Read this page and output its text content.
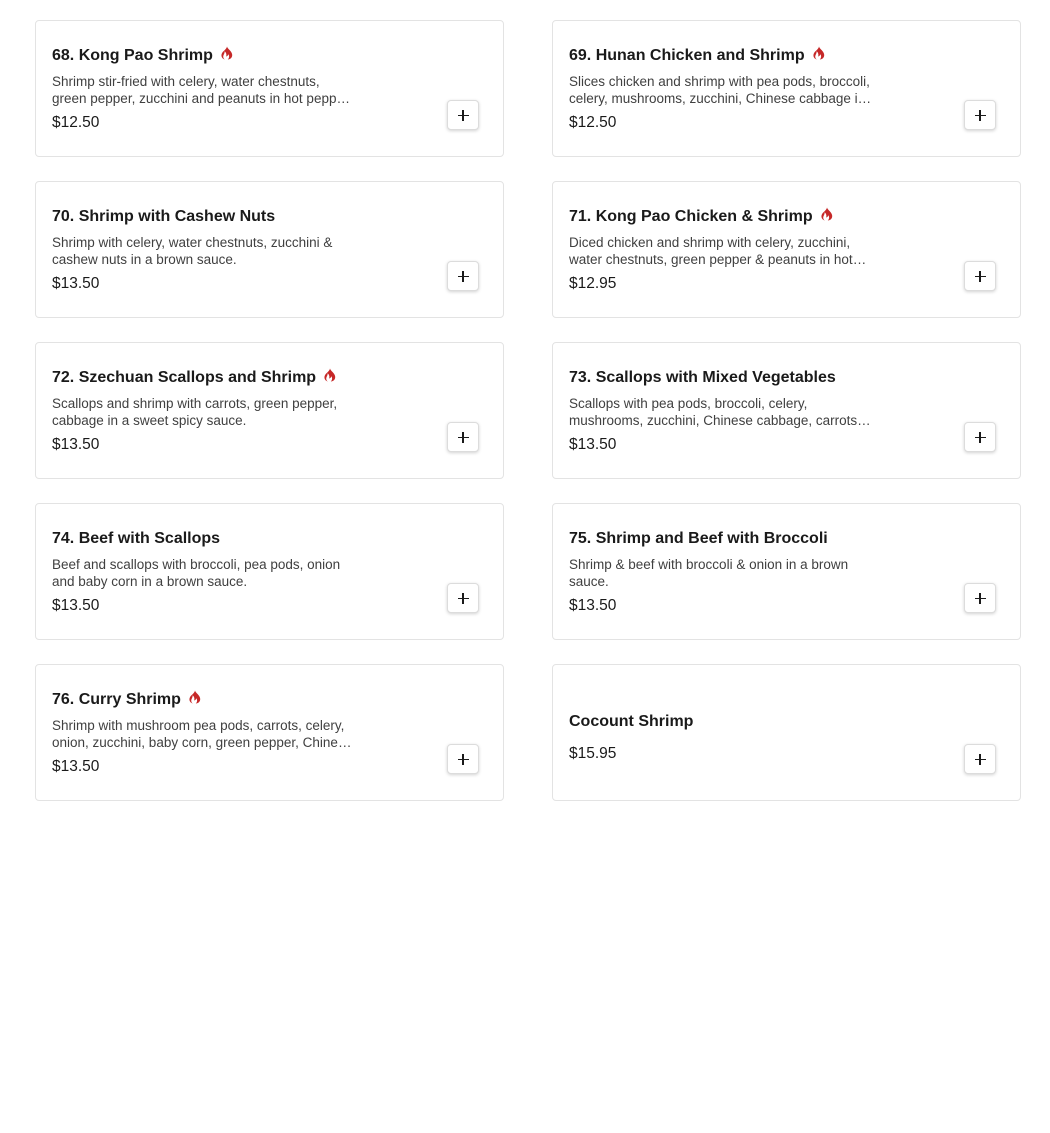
68. Kong Pao Shrimp
Shrimp stir-fried with celery, water chestnuts, green pepper, zucchini and peanuts in hot pepper
$12.50
69. Hunan Chicken and Shrimp
Slices chicken and shrimp with pea pods, broccoli, celery, mushrooms, zucchini, Chinese cabbage in
$12.50
70. Shrimp with Cashew Nuts
Shrimp with celery, water chestnuts, zucchini & cashew nuts in a brown sauce.
$13.50
71. Kong Pao Chicken & Shrimp
Diced chicken and shrimp with celery, zucchini, water chestnuts, green pepper & peanuts in hot
$12.95
72. Szechuan Scallops and Shrimp
Scallops and shrimp with carrots, green pepper, cabbage in a sweet spicy sauce.
$13.50
73. Scallops with Mixed Vegetables
Scallops with pea pods, broccoli, celery, mushrooms, zucchini, Chinese cabbage, carrots in
$13.50
74. Beef with Scallops
Beef and scallops with broccoli, pea pods, onion and baby corn in a brown sauce.
$13.50
75. Shrimp and Beef with Broccoli
Shrimp & beef with broccoli & onion in a brown sauce.
$13.50
76. Curry Shrimp
Shrimp with mushroom pea pods, carrots, celery, onion, zucchini, baby corn, green pepper, Chinese
$13.50
Cocount Shrimp
$15.95
